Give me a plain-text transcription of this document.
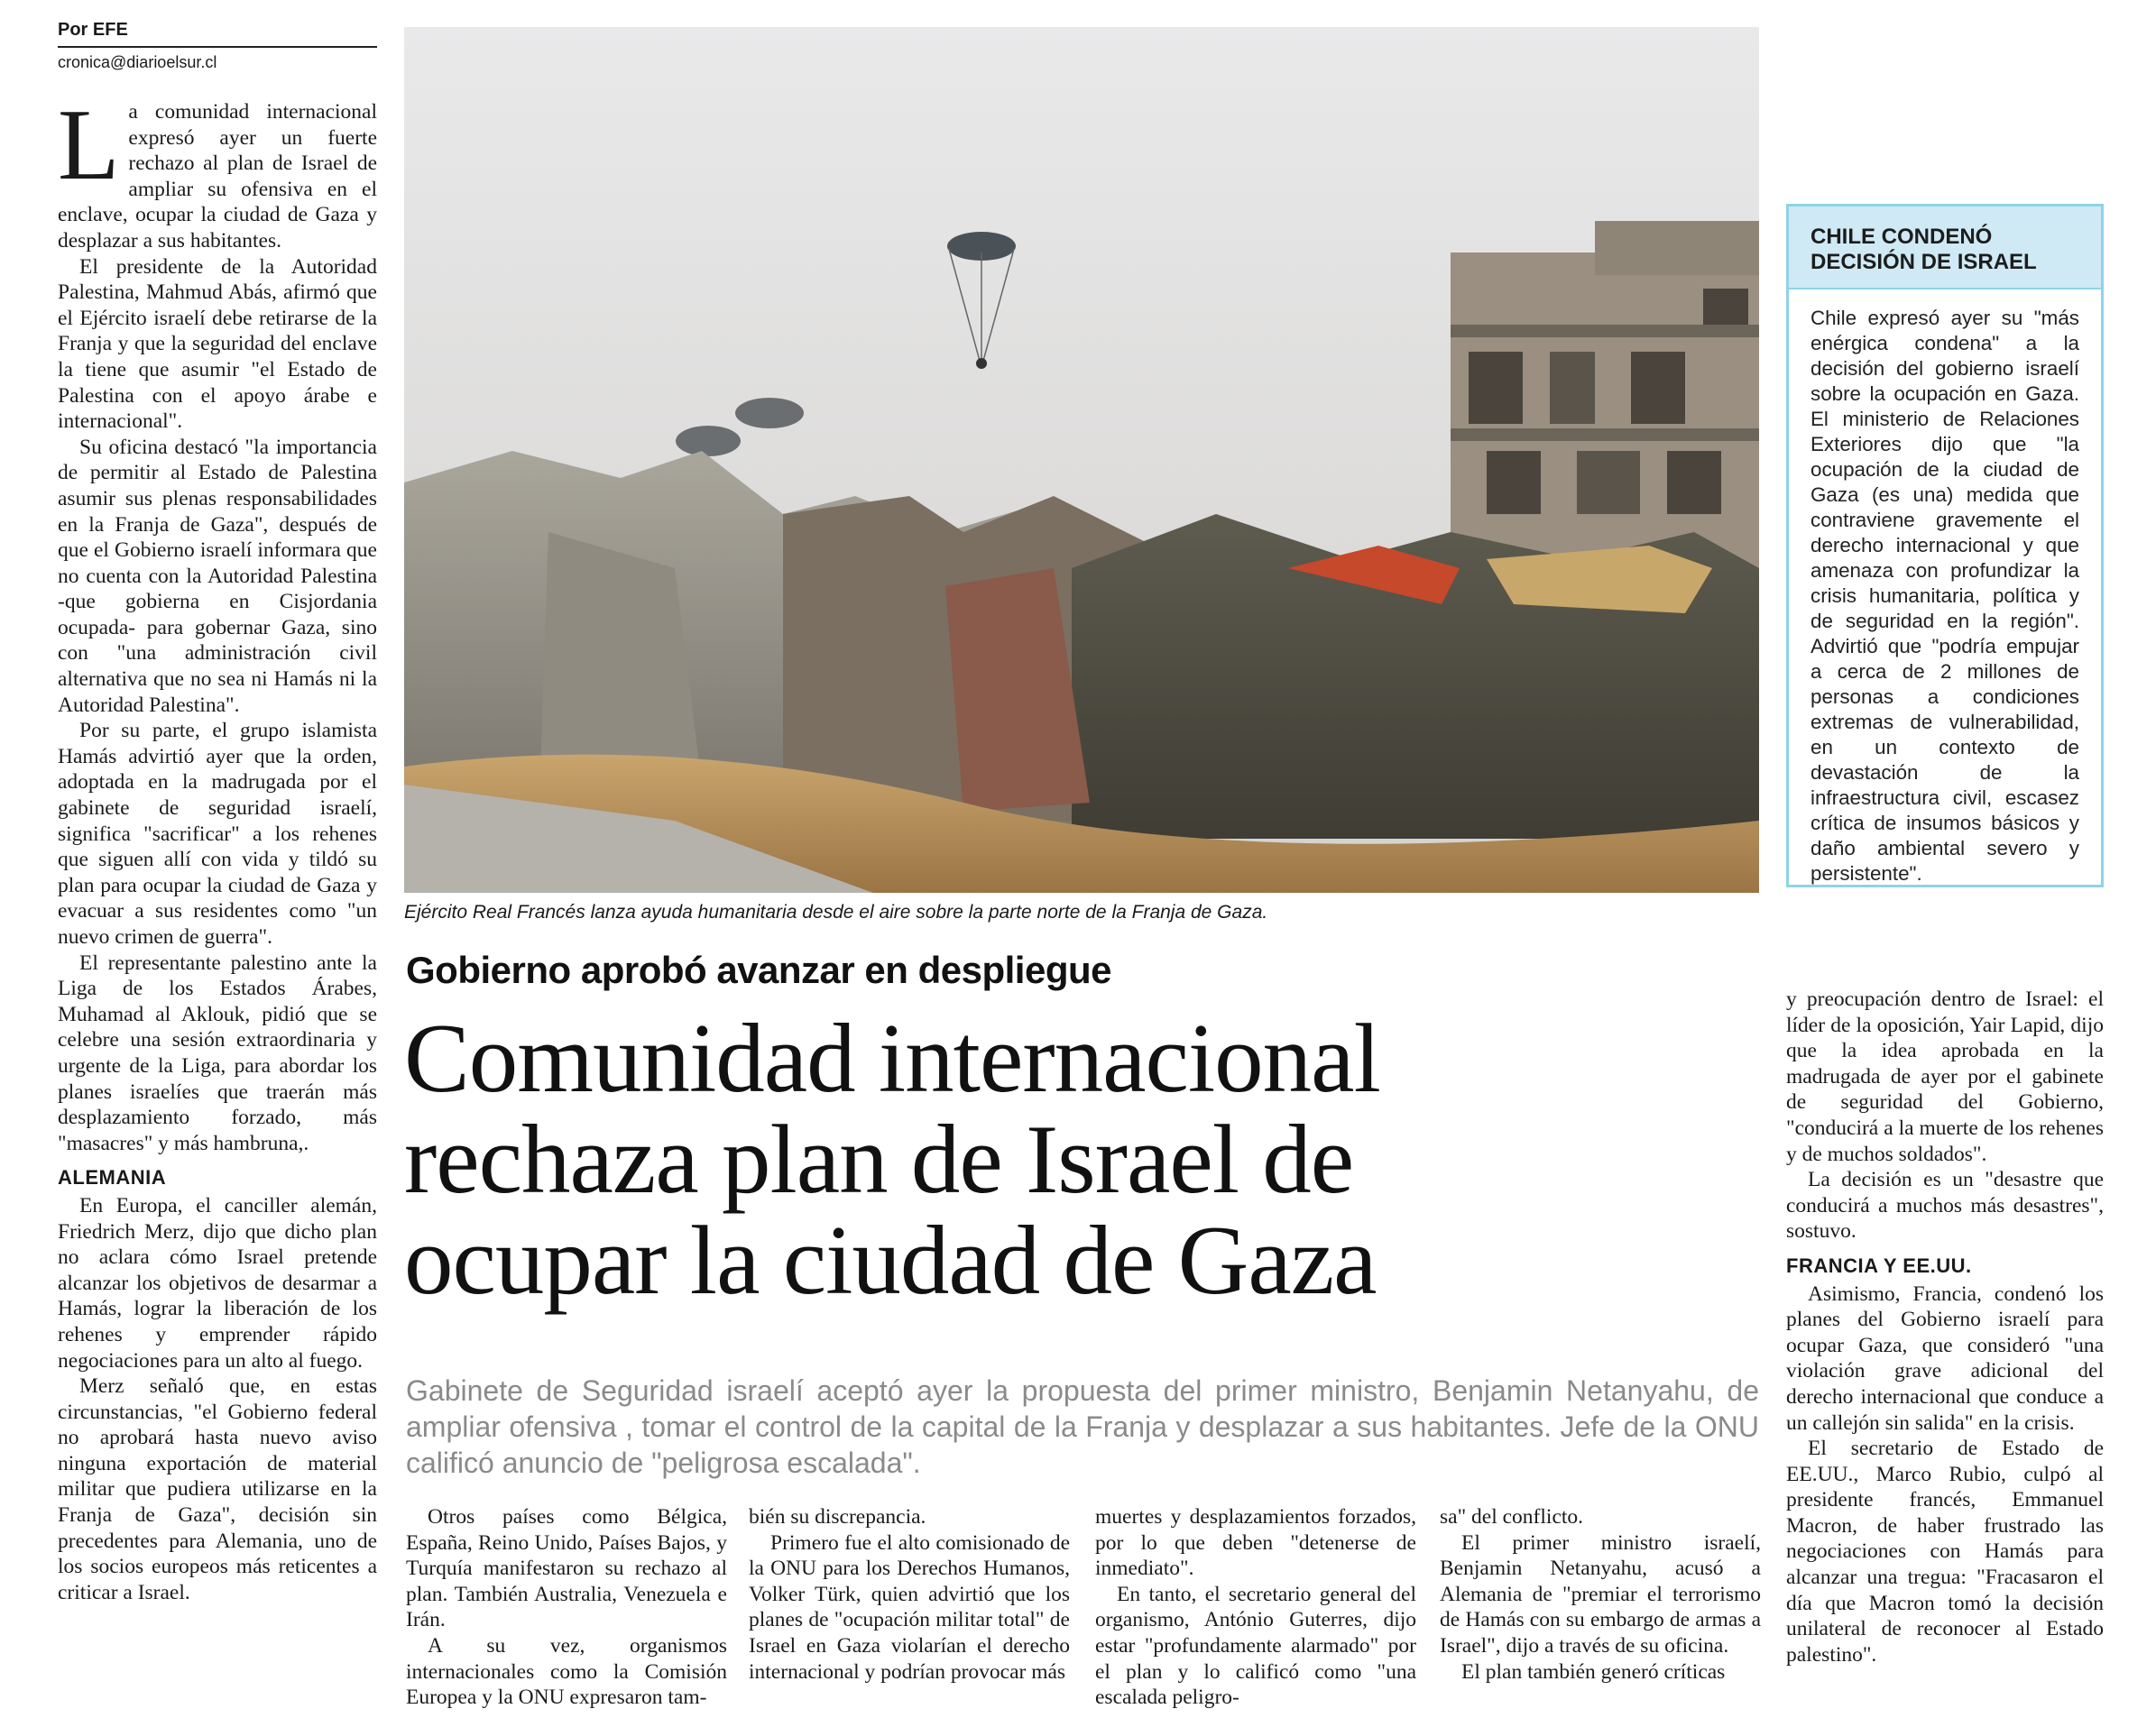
Por EFE
cronica@diarioelsur.cl

La comunidad internacional expresó ayer un fuerte rechazo al plan de Israel de ampliar su ofensiva en el enclave, ocupar la ciudad de Gaza y desplazar a sus habitantes.

El presidente de la Autoridad Palestina, Mahmud Abás, afirmó que el Ejército israelí debe retirarse de la Franja y que la seguridad del enclave la tiene que asumir "el Estado de Palestina con el apoyo árabe e internacional".

Su oficina destacó "la importancia de permitir al Estado de Palestina asumir sus plenas responsabilidades en la Franja de Gaza", después de que el Gobierno israelí informara que no cuenta con la Autoridad Palestina -que gobierna en Cisjordania ocupada- para gobernar Gaza, sino con "una administración civil alternativa que no sea ni Hamás ni la Autoridad Palestina".

Por su parte, el grupo islamista Hamás advirtió ayer que la orden, adoptada en la madrugada por el gabinete de seguridad israelí, significa "sacrificar" a los rehenes que siguen allí con vida y tildó su plan para ocupar la ciudad de Gaza y evacuar a sus residentes como "un nuevo crimen de guerra".

El representante palestino ante la Liga de los Estados Árabes, Muhamad al Aklouk, pidió que se celebre una sesión extraordinaria y urgente de la Liga, para abordar los planes israelíes que traerán más desplazamiento forzado, más "masacres" y más hambruna,.

ALEMANIA

En Europa, el canciller alemán, Friedrich Merz, dijo que dicho plan no aclara cómo Israel pretende alcanzar los objetivos de desarmar a Hamás, lograr la liberación de los rehenes y emprender rápido negociaciones para un alto al fuego.

Merz señaló que, en estas circunstancias, "el Gobierno federal no aprobará hasta nuevo aviso ninguna exportación de material militar que pudiera utilizarse en la Franja de Gaza", decisión sin precedentes para Alemania, uno de los socios europeos más reticentes a criticar a Israel.

Ejército Real Francés lanza ayuda humanitaria desde el aire sobre la parte norte de la Franja de Gaza.
CHILE CONDENÓ
DECISIÓN DE ISRAEL
Chile expresó ayer su "más enérgica condena" a la decisión del gobierno israelí sobre la ocupación en Gaza. El ministerio de Relaciones Exteriores dijo que "la ocupación de la ciudad de Gaza (es una) medida que contraviene gravemente el derecho internacional y que amenaza con profundizar la crisis humanitaria, política y de seguridad en la región". Advirtió que "podría empujar a cerca de 2 millones de personas a condiciones extremas de vulnerabilidad, en un contexto de devastación de la infraestructura civil, escasez crítica de insumos básicos y daño ambiental severo y persistente".
Gobierno aprobó avanzar en despliegue
Comunidad internacional
rechaza plan de Israel de
ocupar la ciudad de Gaza
Gabinete de Seguridad israelí aceptó ayer la propuesta del primer ministro, Benjamin Netanyahu, de ampliar ofensiva , tomar el control de la capital de la Franja y desplazar a sus habitantes. Jefe de la ONU calificó anuncio de "peligrosa escalada".

Otros países como Bélgica, España, Reino Unido, Países Bajos, y Turquía manifestaron su rechazo al plan. También Australia, Venezuela e Irán.

A su vez, organismos internacionales como la Comisión Europea y la ONU expresaron tam-

bién su discrepancia.

Primero fue el alto comisionado de la ONU para los Derechos Humanos, Volker Türk, quien advirtió que los planes de "ocupación militar total" de Israel en Gaza violarían el derecho internacional y podrían provocar más

muertes y desplazamientos forzados, por lo que deben "detenerse de inmediato".

En tanto, el secretario general del organismo, António Guterres, dijo estar "profundamente alarmado" por el plan y lo calificó como "una escalada peligro-

sa" del conflicto.

El primer ministro israelí, Benjamin Netanyahu, acusó a Alemania de "premiar el terrorismo de Hamás con su embargo de armas a Israel", dijo a través de su oficina.

El plan también generó críticas

y preocupación dentro de Israel: el líder de la oposición, Yair Lapid, dijo que la idea aprobada en la madrugada de ayer por el gabinete de seguridad del Gobierno, "conducirá a la muerte de los rehenes y de muchos soldados".

La decisión es un "desastre que conducirá a muchos más desastres", sostuvo.

FRANCIA Y EE.UU.

Asimismo, Francia, condenó los planes del Gobierno israelí para ocupar Gaza, que consideró "una violación grave adicional del derecho internacional que conduce a un callejón sin salida" en la crisis.

El secretario de Estado de EE.UU., Marco Rubio, culpó al presidente francés, Emmanuel Macron, de haber frustrado las negociaciones con Hamás para alcanzar una tregua: "Fracasaron el día que Macron tomó la decisión unilateral de reconocer al Estado palestino".
